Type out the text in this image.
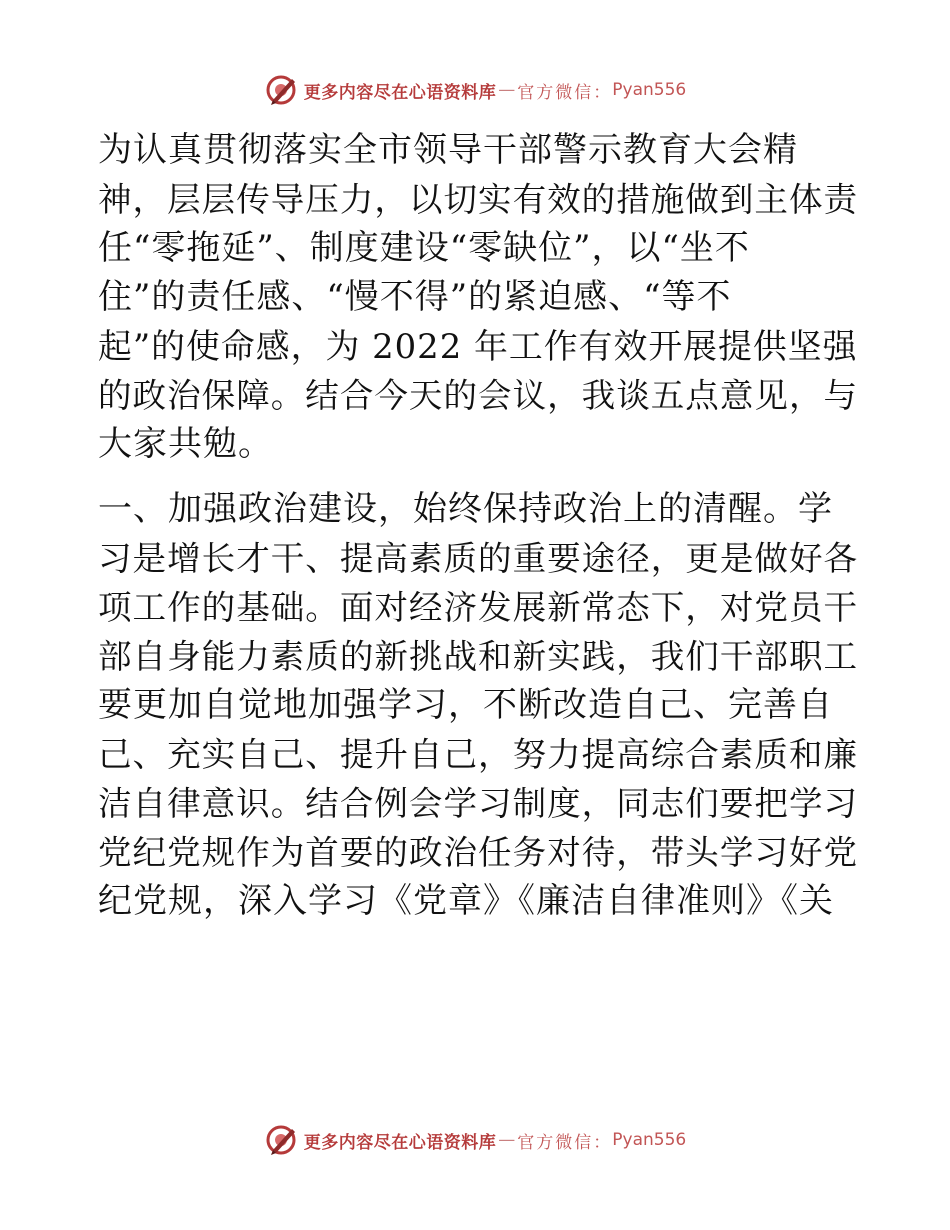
更多内容尽在心语资料库 — 官方微信： Pyan556

为认真贯彻落实全市领导干部警示教育大会精

神，层层传导压力，以切实有效的措施做到主体责

任“零拖延”、制度建设“零缺位”，以“坐不

住”的责任感、“慢不得”的紧迫感、“等不

起”的使命感，为 2022 年工作有效开展提供坚强

的政治保障。结合今天的会议，我谈五点意见，与

大家共勉。

一、加强政治建设，始终保持政治上的清醒。学

习是增长才干、提高素质的重要途径，更是做好各

项工作的基础。面对经济发展新常态下，对党员干

部自身能力素质的新挑战和新实践，我们干部职工

要更加自觉地加强学习，不断改造自己、完善自

己、充实自己、提升自己，努力提高综合素质和廉

洁自律意识。结合例会学习制度，同志们要把学习

党纪党规作为首要的政治任务对待，带头学习好党

纪党规，深入学习《党章》《廉洁自律准则》《关

更多内容尽在心语资料库 — 官方微信： Pyan556
